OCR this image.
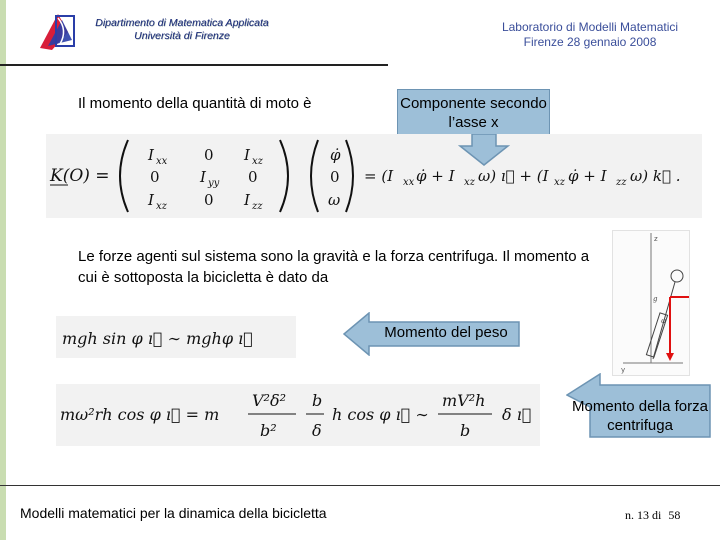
Dipartimento di Matematica Applicata
Università di Firenze
Laboratorio di Modelli Matematici
Firenze 28 gennaio 2008
Il momento della quantità di moto è	Componente secondo l’asse x
K(O) =
I xx 0 I xz
0	I yy 0
I xz 0 I zz
φ̇
0
ω
= (I xx φ̇ + I xz ω) ı⃗ + (I xz φ̇ + I zz ω) k⃗ .
Le forze agenti sul sistema sono la gravità e la forza centrifuga. Il momento a cui è sottoposta la bicicletta è dato da
z
y
g
φ
mgh sin φ ı⃗ ∼ mghφ ı⃗	Momento del peso
mω²rh cos φ ı⃗ = m
V²δ²
b²
b
δ
h cos φ ı⃗ ∼
mV²h
b
δ ı⃗	Momento della forza centrifuga
Modelli matematici per la dinamica della bicicletta	n. 13 di 58
